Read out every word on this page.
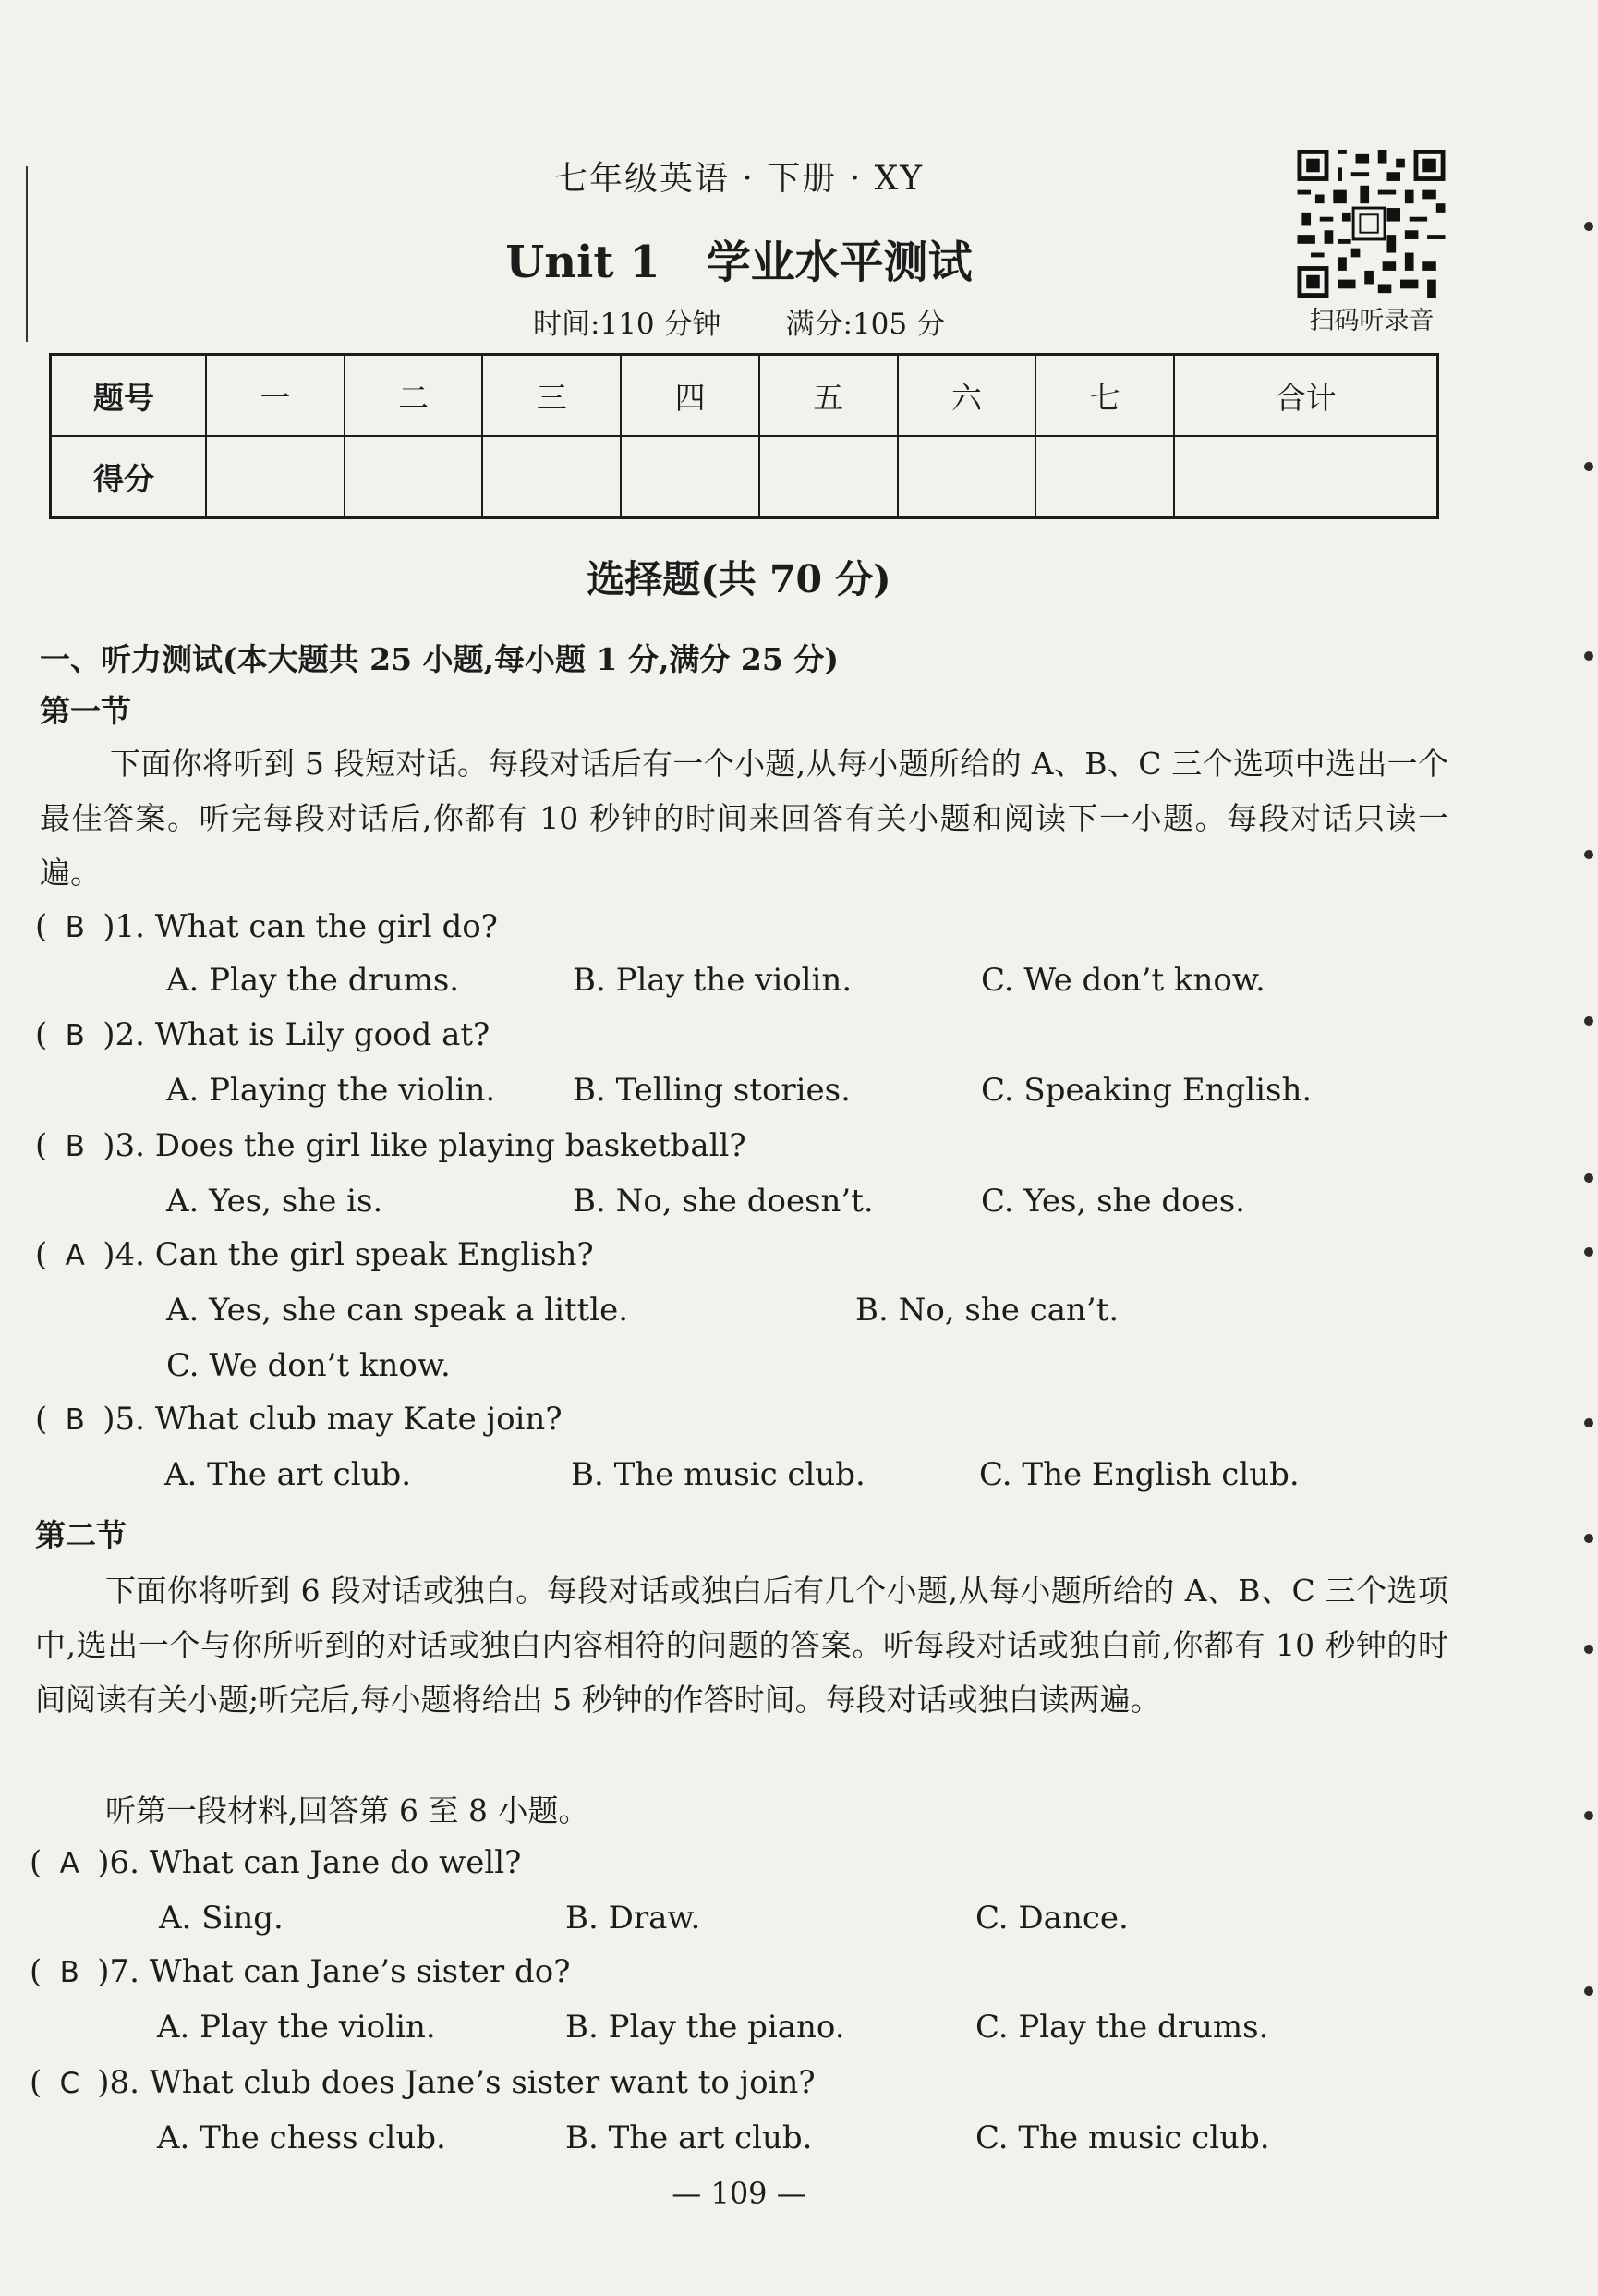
七年级英语 · 下册 · XY
Unit 1 学业水平测试
时间:110 分钟 满分:105 分	扫码听录音
题号	一	二	三	四	五	六	七	合计
得分								
选择题(共 70 分)
一、听力测试(本大题共 25 小题,每小题 1 分,满分 25 分)
第一节
下面你将听到 5 段短对话。每段对话后有一个小题,从每小题所给的 A、B、C 三个选项中选出一个最佳答案。听完每段对话后,你都有 10 秒钟的时间来回答有关小题和阅读下一小题。每段对话只读一遍。
( B )1. What can the girl do?
A. Play the drums.	B. Play the violin.	C. We don’t know.
( B )2. What is Lily good at?
A. Playing the violin. B. Telling stories.	C. Speaking English.
( B )3. Does the girl like playing basketball?
A. Yes, she is.	B. No, she doesn’t.	C. Yes, she does.
( A )4. Can the girl speak English?
A. Yes, she can speak a little.	B. No, she can’t.
C. We don’t know.
( B )5. What club may Kate join?
A. The art club.	B. The music club.	C. The English club.
第二节
下面你将听到 6 段对话或独白。每段对话或独白后有几个小题,从每小题所给的 A、B、C 三个选项中,选出一个与你所听到的对话或独白内容相符的问题的答案。听每段对话或独白前,你都有 10 秒钟的时间阅读有关小题;听完后,每小题将给出 5 秒钟的作答时间。每段对话或独白读两遍。
听第一段材料,回答第 6 至 8 小题。
( A )6. What can Jane do well?
A. Sing.	B. Draw.	C. Dance.
( B )7. What can Jane’s sister do?
A. Play the violin.	B. Play the piano.	C. Play the drums.
( C )8. What club does Jane’s sister want to join?
A. The chess club.	B. The art club.	C. The music club.
— 109 —
